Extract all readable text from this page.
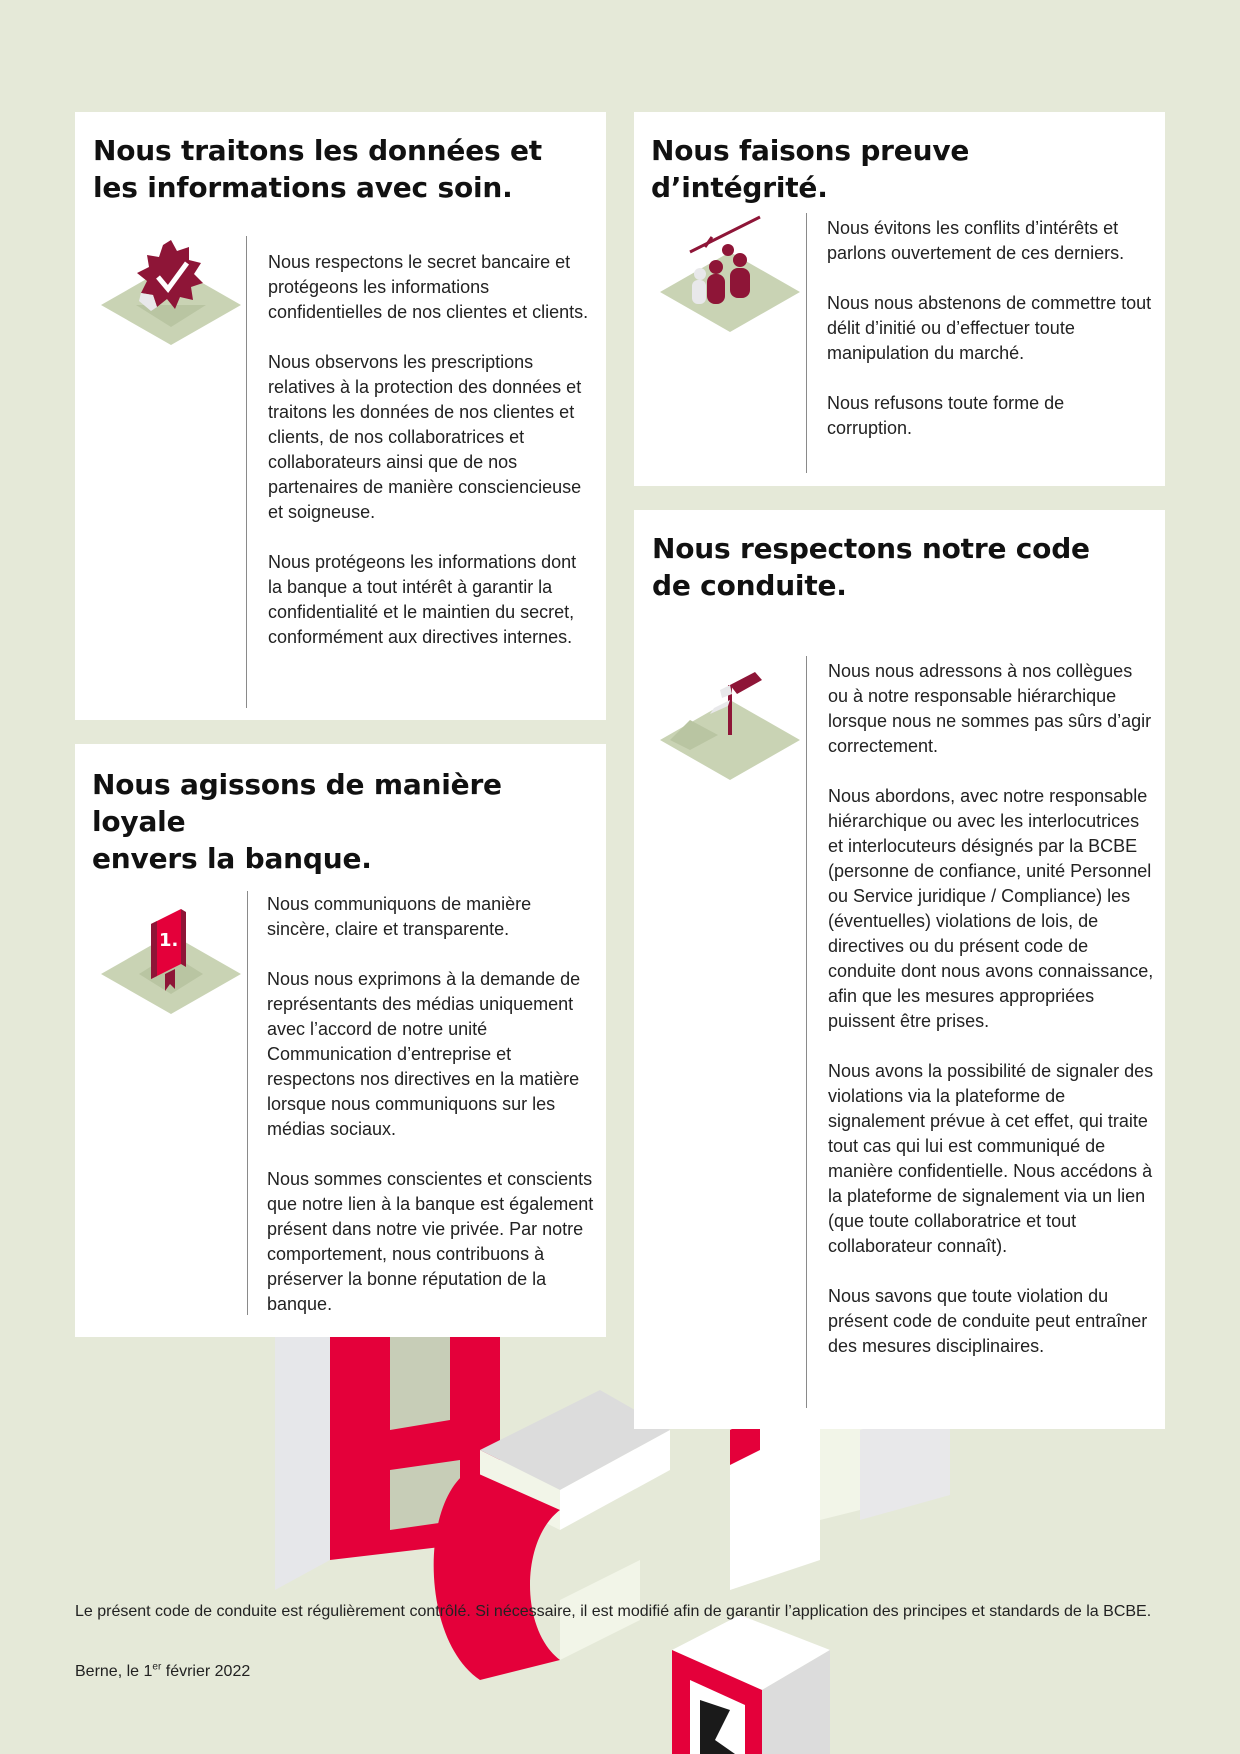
Nous traitons les données et
les informations avec soin.

Nous respectons le secret bancaire et protégeons les informations confidentielles de nos clientes et clients.

Nous observons les prescriptions relatives à la protection des données et traitons les données de nos clientes et clients, de nos collaboratrices et collaborateurs ainsi que de nos partenaires de manière consciencieuse et soigneuse.

Nous protégeons les informations dont la banque a tout intérêt à garantir la confidentialité et le maintien du secret, conformément aux directives internes.

Nous faisons preuve d’intégrité.

Nous évitons les conflits d’intérêts et parlons ouvertement de ces derniers.

Nous nous abstenons de commettre tout délit d’initié ou d’effectuer toute manipulation du marché.

Nous refusons toute forme de corruption.

Nous agissons de manière loyale
envers la banque.
1.

Nous communiquons de manière sincère, claire et transparente.

Nous nous exprimons à la demande de représentants des médias uniquement avec l’accord de notre unité Communication d’entreprise et respectons nos directives en la matière lorsque nous communiquons sur les médias sociaux.

Nous sommes conscientes et conscients que notre lien à la banque est également présent dans notre vie privée. Par notre comportement, nous contribuons à préserver la bonne réputation de la banque.

Nous respectons notre code
de conduite.

Nous nous adressons à nos collègues ou à notre responsable hiérarchique lorsque nous ne sommes pas sûrs d’agir correctement.

Nous abordons, avec notre responsable hiérarchique ou avec les interlocutrices et interlocuteurs désignés par la BCBE (personne de confiance, unité Personnel ou Service juridique / Compliance) les (éventuelles) violations de lois, de directives ou du présent code de conduite dont nous avons connaissance, afin que les mesures appropriées puissent être prises.

Nous avons la possibilité de signaler des violations via la plateforme de signalement prévue à cet effet, qui traite tout cas qui lui est communiqué de manière confidentielle. Nous accédons à la plateforme de signalement via un lien (que toute collaboratrice et tout collaborateur connaît).

Nous savons que toute violation du présent code de conduite peut entraîner des mesures disciplinaires.

Le présent code de conduite est régulièrement contrôlé. Si nécessaire, il est modifié afin de garantir l’application des principes et standards de la BCBE.
Berne, le 1er février 2022
